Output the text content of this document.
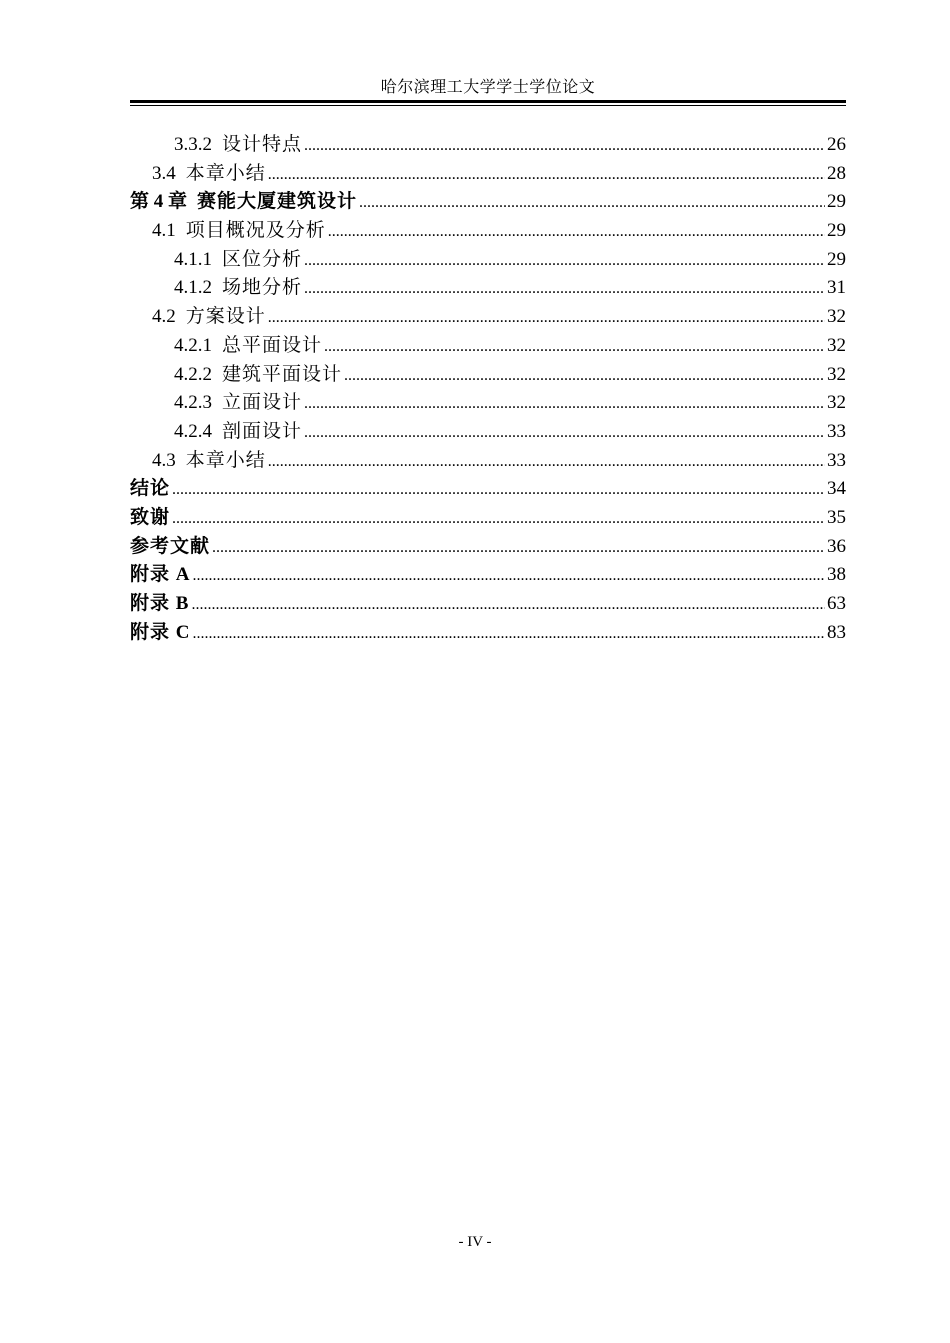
哈尔滨理工大学学士学位论文
3.3.2 设计特点 .....	26
3.4 本章小结 .....	28
第 4 章 赛能大厦建筑设计 .....	29
4.1 项目概况及分析 .....	29
4.1.1 区位分析 .....	29
4.1.2 场地分析 .....	31
4.2 方案设计 .....	32
4.2.1 总平面设计 .....	32
4.2.2 建筑平面设计 .....	32
4.2.3 立面设计 .....	32
4.2.4 剖面设计 .....	33
4.3 本章小结 .....	33
结论 .....	34
致谢 .....	35
参考文献 .....	36
附录 A .....	38
附录 B .....	63
附录 C .....	83
- IV -
